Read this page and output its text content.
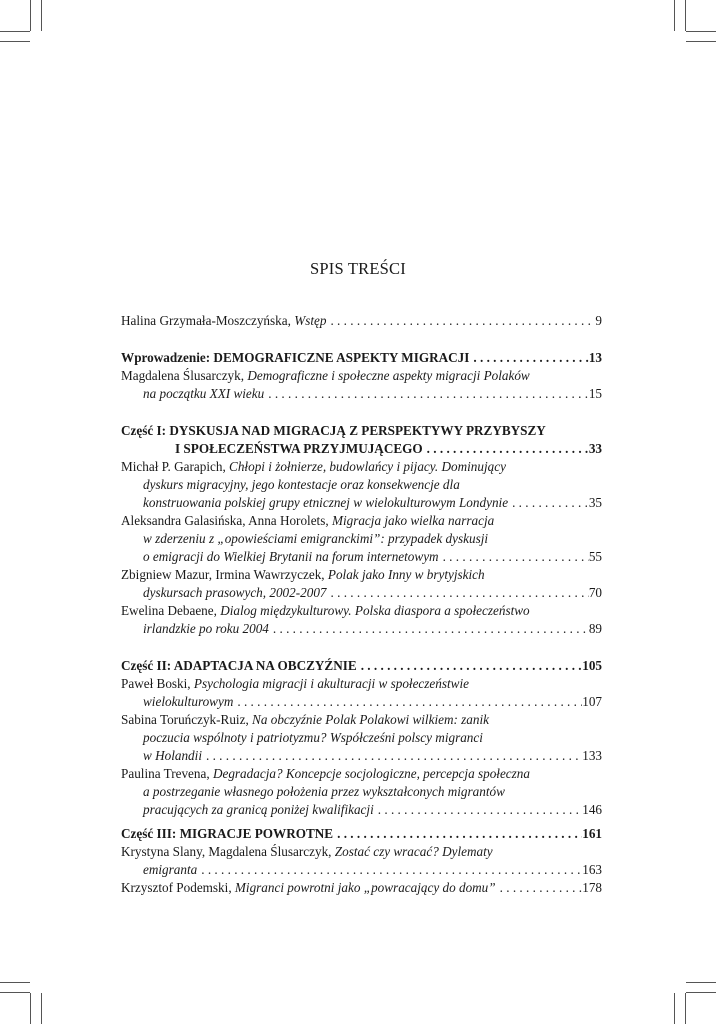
SPIS TREŚCI
Halina Grzymała-Moszczyńska, Wstęp . . .	9
Wprowadzenie: DEMOGRAFICZNE ASPEKTY MIGRACJI . . .	13
Magdalena Ślusarczyk, Demograficzne i społeczne aspekty migracji Polaków
na początku XXI wieku . . .	15
Część I: DYSKUSJA NAD MIGRACJĄ Z PERSPEKTYWY PRZYBYSZY
I SPOŁECZEŃSTWA PRZYJMUJĄCEGO . . .	33
Michał P. Garapich, Chłopi i żołnierze, budowlańcy i pijacy. Dominujący
dyskurs migracyjny, jego kontestacje oraz konsekwencje dla
konstruowania polskiej grupy etnicznej w wielokulturowym Londynie . . .	35
Aleksandra Galasińska, Anna Horolets, Migracja jako wielka narracja
w zderzeniu z „opowieściami emigranckimi”: przypadek dyskusji
o emigracji do Wielkiej Brytanii na forum internetowym . . .	55
Zbigniew Mazur, Irmina Wawrzyczek, Polak jako Inny w brytyjskich
dyskursach prasowych, 2002-2007 . . .	70
Ewelina Debaene, Dialog międzykulturowy. Polska diaspora a społeczeństwo
irlandzkie po roku 2004 . . .	89
Część II: ADAPTACJA NA OBCZYŹNIE . . .	105
Paweł Boski, Psychologia migracji i akulturacji w społeczeństwie
wielokulturowym . . .	107
Sabina Toruńczyk-Ruiz, Na obczyźnie Polak Polakowi wilkiem: zanik
poczucia wspólnoty i patriotyzmu? Współcześni polscy migranci
w Holandii . . .	133
Paulina Trevena, Degradacja? Koncepcje socjologiczne, percepcja społeczna
a postrzeganie własnego położenia przez wykształconych migrantów
pracujących za granicą poniżej kwalifikacji . . .	146
Część III: MIGRACJE POWROTNE . . .	161
Krystyna Slany, Magdalena Ślusarczyk, Zostać czy wracać? Dylematy
emigranta . . .	163
Krzysztof Podemski, Migranci powrotni jako „powracający do domu” . . .	178
